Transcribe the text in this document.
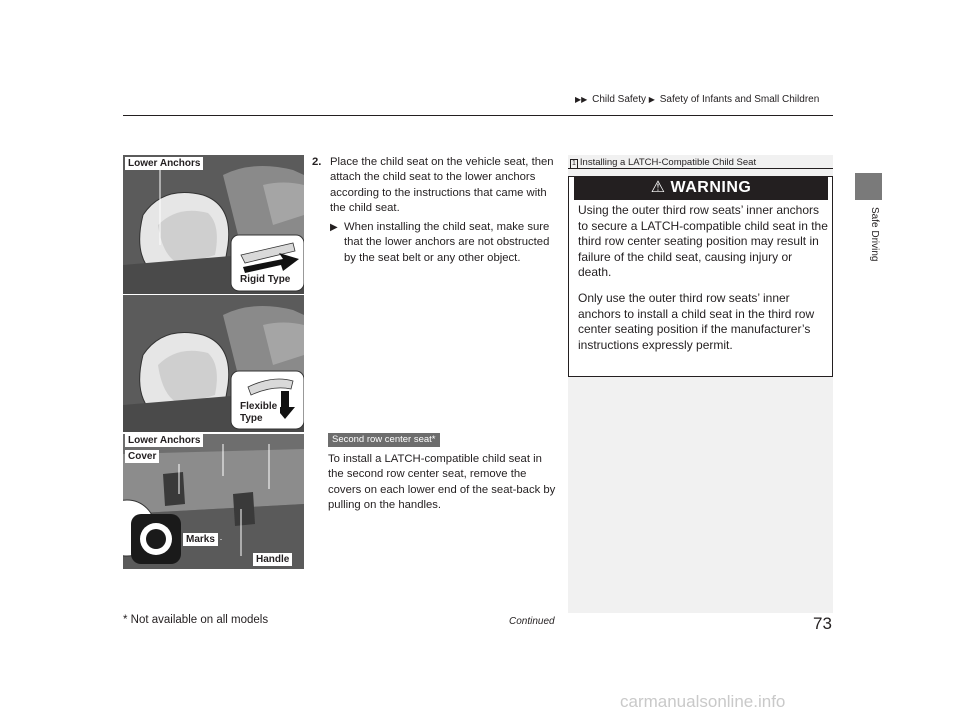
▶▶ Child Safety ▶ Safety of Infants and Small Children
Safe Driving
Lower Anchors
Rigid Type
Flexible
Type
Lower Anchors
Cover
Marks
Handle
2. Place the child seat on the vehicle seat, then attach the child seat to the lower anchors according to the instructions that came with the child seat.
▶ When installing the child seat, make sure that the lower anchors are not obstructed by the seat belt or any other object.
Second row center seat*
To install a LATCH-compatible child seat in the second row center seat, remove the covers on each lower end of the seat-back by pulling on the handles.
1 Installing a LATCH-Compatible Child Seat
⚠ WARNING
Using the outer third row seats’ inner anchors to secure a LATCH-compatible child seat in the third row center seating position may result in failure of the child seat, causing injury or death.
Only use the outer third row seats’ inner anchors to install a child seat in the third row center seating position if the manufacturer’s instructions expressly permit.
* Not available on all models	Continued	73
carmanualsonline.info
